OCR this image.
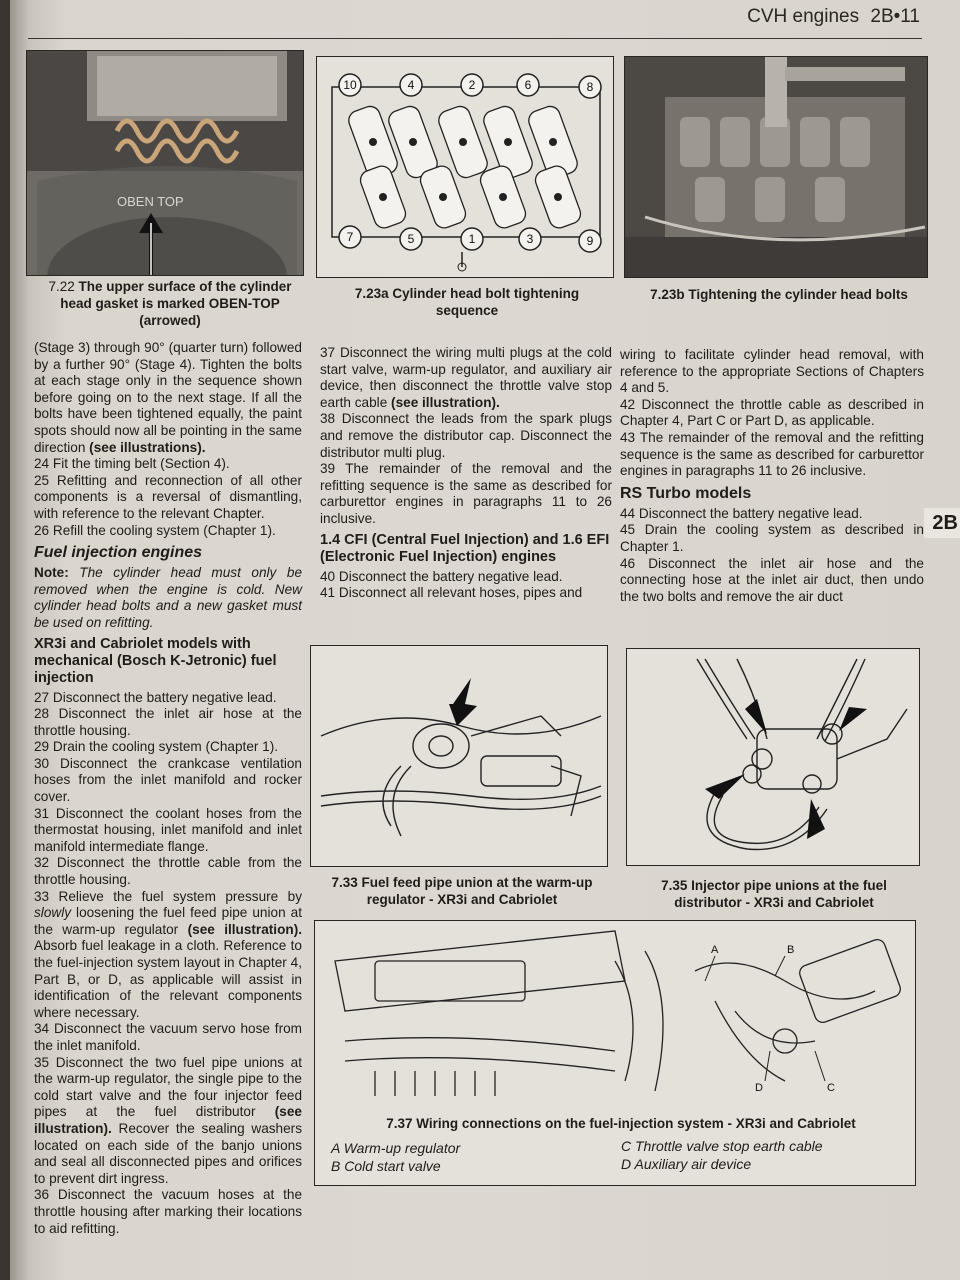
CVH engines 2B•11
2B
OBEN TOP
7.22 The upper surface of the cylinder head gasket is marked OBEN-TOP (arrowed)
10	4	2	6	8
7	5	1	3	9
7.23a Cylinder head bolt tightening sequence
7.23b Tightening the cylinder head bolts

(Stage 3) through 90° (quarter turn) followed by a further 90° (Stage 4). Tighten the bolts at each stage only in the sequence shown before going on to the next stage. If all the bolts have been tightened equally, the paint spots should now all be pointing in the same direction (see illustrations).

24 Fit the timing belt (Section 4).

25 Refitting and reconnection of all other components is a reversal of dismantling, with reference to the relevant Chapter.

26 Refill the cooling system (Chapter 1).

Fuel injection engines

Note: The cylinder head must only be removed when the engine is cold. New cylinder head bolts and a new gasket must be used on refitting.

XR3i and Cabriolet models with mechanical (Bosch K-Jetronic) fuel injection

27 Disconnect the battery negative lead.

28 Disconnect the inlet air hose at the throttle housing.

29 Drain the cooling system (Chapter 1).

30 Disconnect the crankcase ventilation hoses from the inlet manifold and rocker cover.

31 Disconnect the coolant hoses from the thermostat housing, inlet manifold and inlet manifold intermediate flange.

32 Disconnect the throttle cable from the throttle housing.

33 Relieve the fuel system pressure by slowly loosening the fuel feed pipe union at the warm-up regulator (see illustration). Absorb fuel leakage in a cloth. Reference to the fuel-injection system layout in Chapter 4, Part B, or D, as applicable will assist in identification of the relevant components where necessary.

34 Disconnect the vacuum servo hose from the inlet manifold.

35 Disconnect the two fuel pipe unions at the warm-up regulator, the single pipe to the cold start valve and the four injector feed pipes at the fuel distributor (see illustration). Recover the sealing washers located on each side of the banjo unions and seal all disconnected pipes and orifices to prevent dirt ingress.

36 Disconnect the vacuum hoses at the throttle housing after marking their locations to aid refitting.

37 Disconnect the wiring multi plugs at the cold start valve, warm-up regulator, and auxiliary air device, then disconnect the throttle valve stop earth cable (see illustration).

38 Disconnect the leads from the spark plugs and remove the distributor cap. Disconnect the distributor multi plug.

39 The remainder of the removal and the refitting sequence is the same as described for carburettor engines in paragraphs 11 to 26 inclusive.

1.4 CFI (Central Fuel Injection) and 1.6 EFI (Electronic Fuel Injection) engines

40 Disconnect the battery negative lead.

41 Disconnect all relevant hoses, pipes and

wiring to facilitate cylinder head removal, with reference to the appropriate Sections of Chapters 4 and 5.

42 Disconnect the throttle cable as described in Chapter 4, Part C or Part D, as applicable.

43 The remainder of the removal and the refitting sequence is the same as described for carburettor engines in paragraphs 11 to 26 inclusive.

RS Turbo models

44 Disconnect the battery negative lead.

45 Drain the cooling system as described in Chapter 1.

46 Disconnect the inlet air hose and the connecting hose at the inlet air duct, then undo the two bolts and remove the air duct

7.33 Fuel feed pipe union at the warm-up regulator - XR3i and Cabriolet
7.35 Injector pipe unions at the fuel distributor - XR3i and Cabriolet
A	B
C
D
7.37 Wiring connections on the fuel-injection system - XR3i and Cabriolet
A Warm-up regulator
B Cold start valve
C Throttle valve stop earth cable
D Auxiliary air device
